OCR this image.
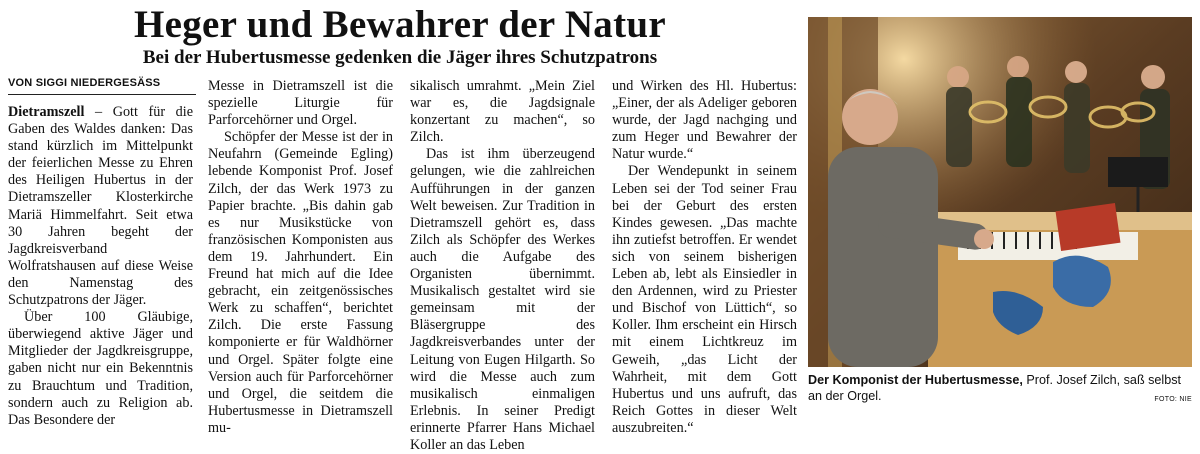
Heger und Bewahrer der Natur
Bei der Hubertusmesse gedenken die Jäger ihres Schutzpatrons
VON SIGGI NIEDERGESÄSS

Dietramszell – Gott für die Gaben des Waldes danken: Das stand kürzlich im Mittelpunkt der feierlichen Messe zu Ehren des Heiligen Hubertus in der Dietramszeller Klosterkirche Mariä Himmelfahrt. Seit etwa 30 Jahren begeht der Jagdkreisverband Wolfratshausen auf diese Weise den Namenstag des Schutzpatrons der Jäger.

Über 100 Gläubige, überwiegend aktive Jäger und Mitglieder der Jagdkreisgruppe, gaben nicht nur ein Bekenntnis zu Brauchtum und Tradition, sondern auch zu Religion ab. Das Besondere der

Messe in Dietramszell ist die spezielle Liturgie für Parforcehörner und Orgel.

Schöpfer der Messe ist der in Neufahrn (Gemeinde Egling) lebende Komponist Prof. Josef Zilch, der das Werk 1973 zu Papier brachte. „Bis dahin gab es nur Musikstücke von französischen Komponisten aus dem 19. Jahrhundert. Ein Freund hat mich auf die Idee gebracht, ein zeitgenössisches Werk zu schaffen“, berichtet Zilch. Die erste Fassung komponierte er für Waldhörner und Orgel. Später folgte eine Version auch für Parforcehörner und Orgel, die seitdem die Hubertusmesse in Dietramszell mu-

sikalisch umrahmt. „Mein Ziel war es, die Jagdsignale konzertant zu machen“, so Zilch.

Das ist ihm überzeugend gelungen, wie die zahlreichen Aufführungen in der ganzen Welt beweisen. Zur Tradition in Dietramszell gehört es, dass Zilch als Schöpfer des Werkes auch die Aufgabe des Organisten übernimmt. Musikalisch gestaltet wird sie gemeinsam mit der Bläsergruppe des Jagdkreisverbandes unter der Leitung von Eugen Hilgarth. So wird die Messe auch zum musikalisch einmaligen Erlebnis. In seiner Predigt erinnerte Pfarrer Hans Michael Koller an das Leben

und Wirken des Hl. Hubertus: „Einer, der als Adeliger geboren wurde, der Jagd nachging und zum Heger und Bewahrer der Natur wurde.“

Der Wendepunkt in seinem Leben sei der Tod seiner Frau bei der Geburt des ersten Kindes gewesen. „Das machte ihn zutiefst betroffen. Er wendet sich von seinem bisherigen Leben ab, lebt als Einsiedler in den Ardennen, wird zu Priester und Bischof von Lüttich“, so Koller. Ihm erscheint ein Hirsch mit einem Lichtkreuz im Geweih, „das Licht der Wahrheit, mit dem Gott Hubertus und uns aufruft, das Reich Gottes in dieser Welt auszubreiten.“

Der Komponist der Hubertusmesse, Prof. Josef Zilch, saß selbst an der Orgel.	FOTO: NIE
